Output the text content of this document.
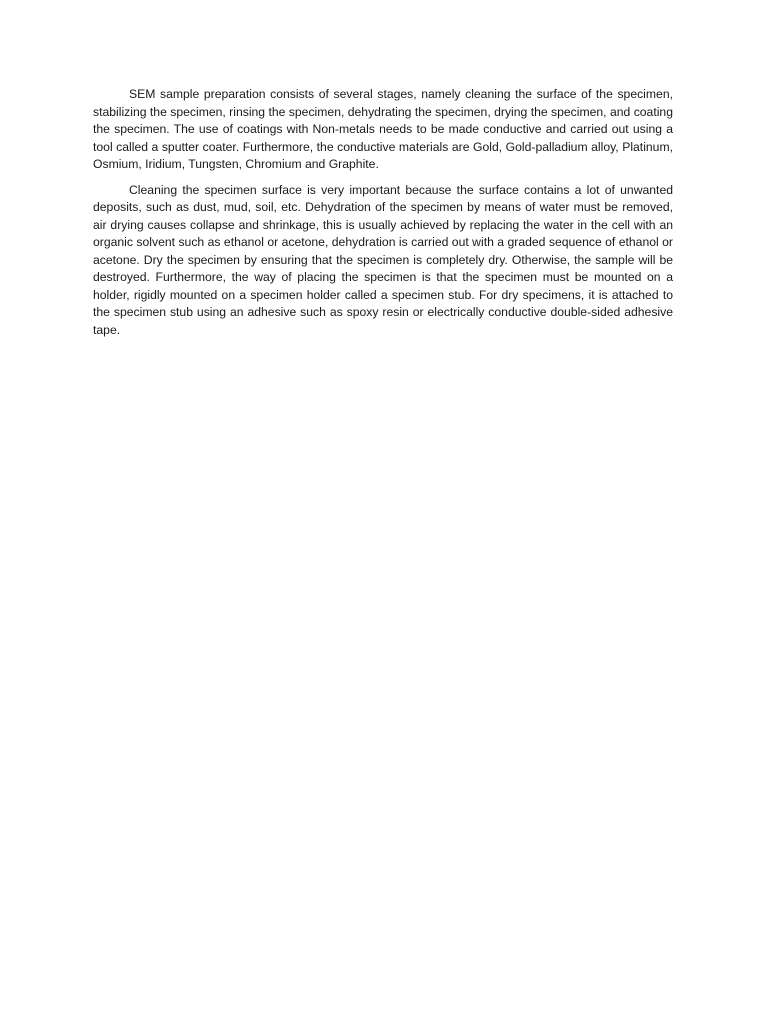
SEM sample preparation consists of several stages, namely cleaning the surface of the specimen, stabilizing the specimen, rinsing the specimen, dehydrating the specimen, drying the specimen, and coating the specimen. The use of coatings with Non-metals needs to be made conductive and carried out using a tool called a sputter coater. Furthermore, the conductive materials are Gold, Gold-palladium alloy, Platinum, Osmium, Iridium, Tungsten, Chromium and Graphite.

Cleaning the specimen surface is very important because the surface contains a lot of unwanted deposits, such as dust, mud, soil, etc. Dehydration of the specimen by means of water must be removed, air drying causes collapse and shrinkage, this is usually achieved by replacing the water in the cell with an organic solvent such as ethanol or acetone, dehydration is carried out with a graded sequence of ethanol or acetone. Dry the specimen by ensuring that the specimen is completely dry. Otherwise, the sample will be destroyed. Furthermore, the way of placing the specimen is that the specimen must be mounted on a holder, rigidly mounted on a specimen holder called a specimen stub. For dry specimens, it is attached to the specimen stub using an adhesive such as spoxy resin or electrically conductive double-sided adhesive tape.
